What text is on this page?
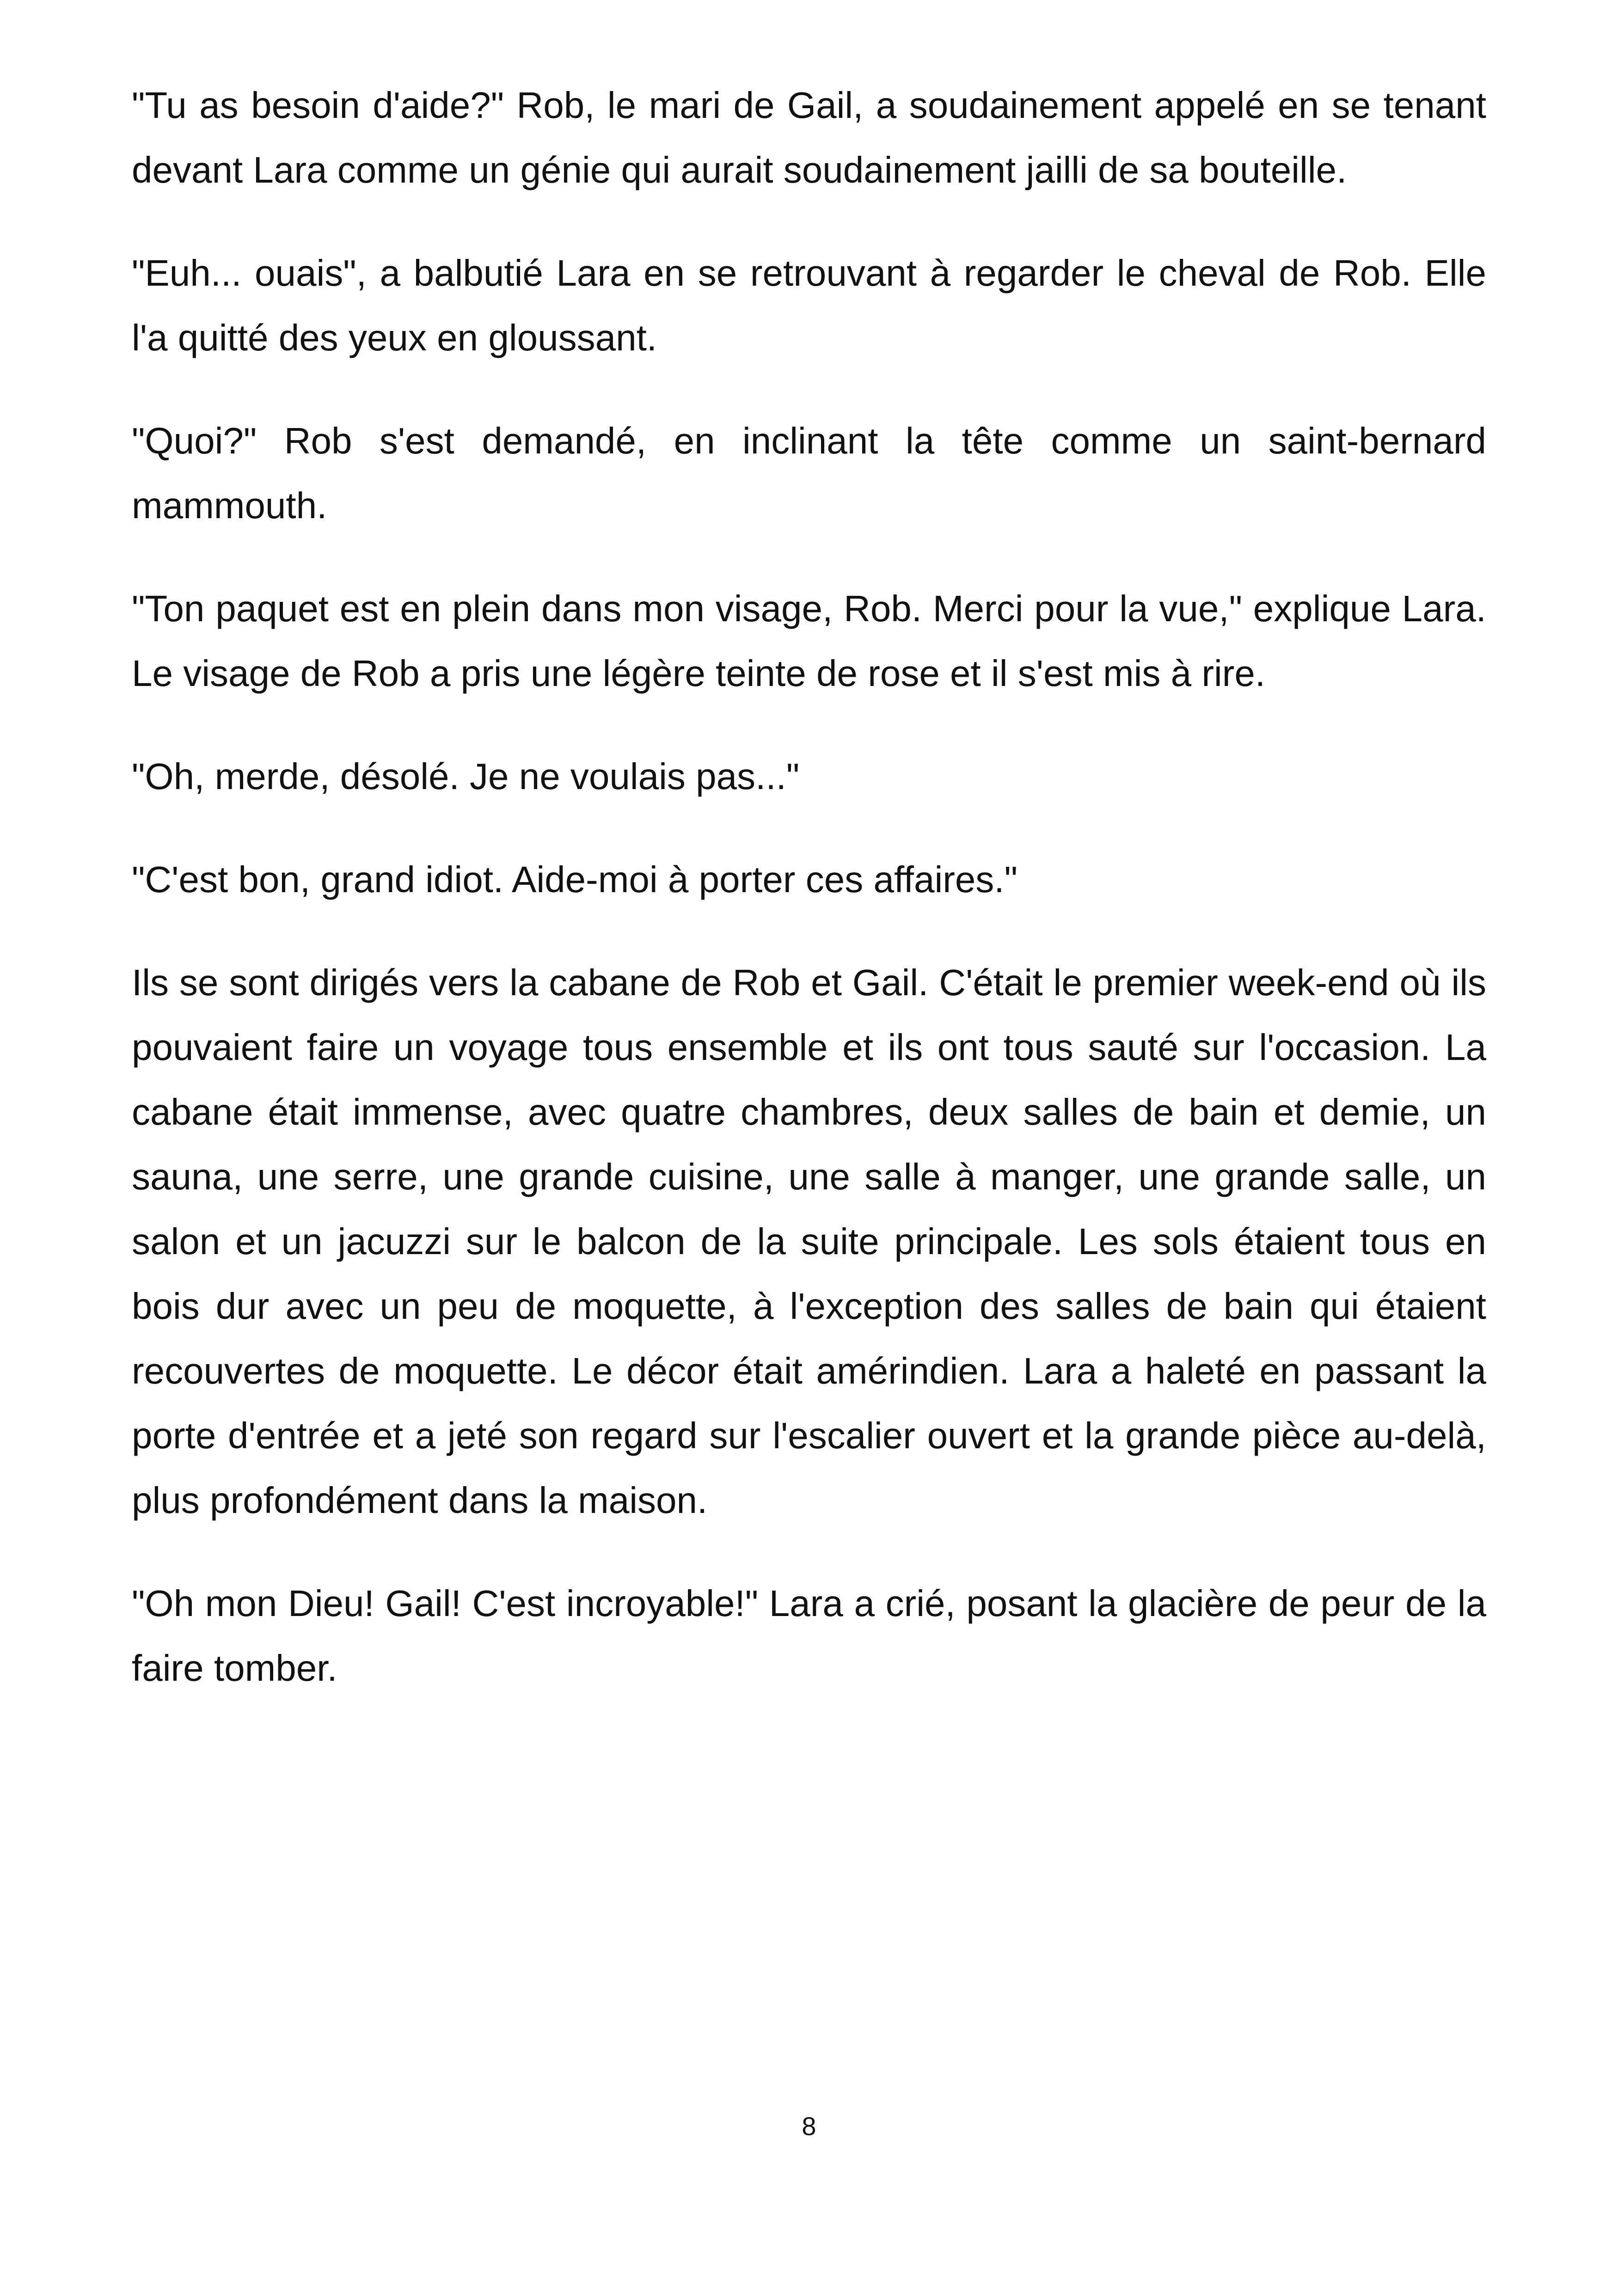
"Tu as besoin d'aide?" Rob, le mari de Gail, a soudainement appelé en se tenant devant Lara comme un génie qui aurait soudainement jailli de sa bouteille.

"Euh... ouais", a balbutié Lara en se retrouvant à regarder le cheval de Rob. Elle l'a quitté des yeux en gloussant.

"Quoi?" Rob s'est demandé, en inclinant la tête comme un saint-bernard mammouth.

"Ton paquet est en plein dans mon visage, Rob. Merci pour la vue," explique Lara. Le visage de Rob a pris une légère teinte de rose et il s'est mis à rire.

"Oh, merde, désolé. Je ne voulais pas..."

"C'est bon, grand idiot. Aide-moi à porter ces affaires."

Ils se sont dirigés vers la cabane de Rob et Gail. C'était le premier week-end où ils pouvaient faire un voyage tous ensemble et ils ont tous sauté sur l'occasion. La cabane était immense, avec quatre chambres, deux salles de bain et demie, un sauna, une serre, une grande cuisine, une salle à manger, une grande salle, un salon et un jacuzzi sur le balcon de la suite principale. Les sols étaient tous en bois dur avec un peu de moquette, à l'exception des salles de bain qui étaient recouvertes de moquette. Le décor était amérindien. Lara a haleté en passant la porte d'entrée et a jeté son regard sur l'escalier ouvert et la grande pièce au-delà, plus profondément dans la maison.

"Oh mon Dieu! Gail! C'est incroyable!" Lara a crié, posant la glacière de peur de la faire tomber.

8
